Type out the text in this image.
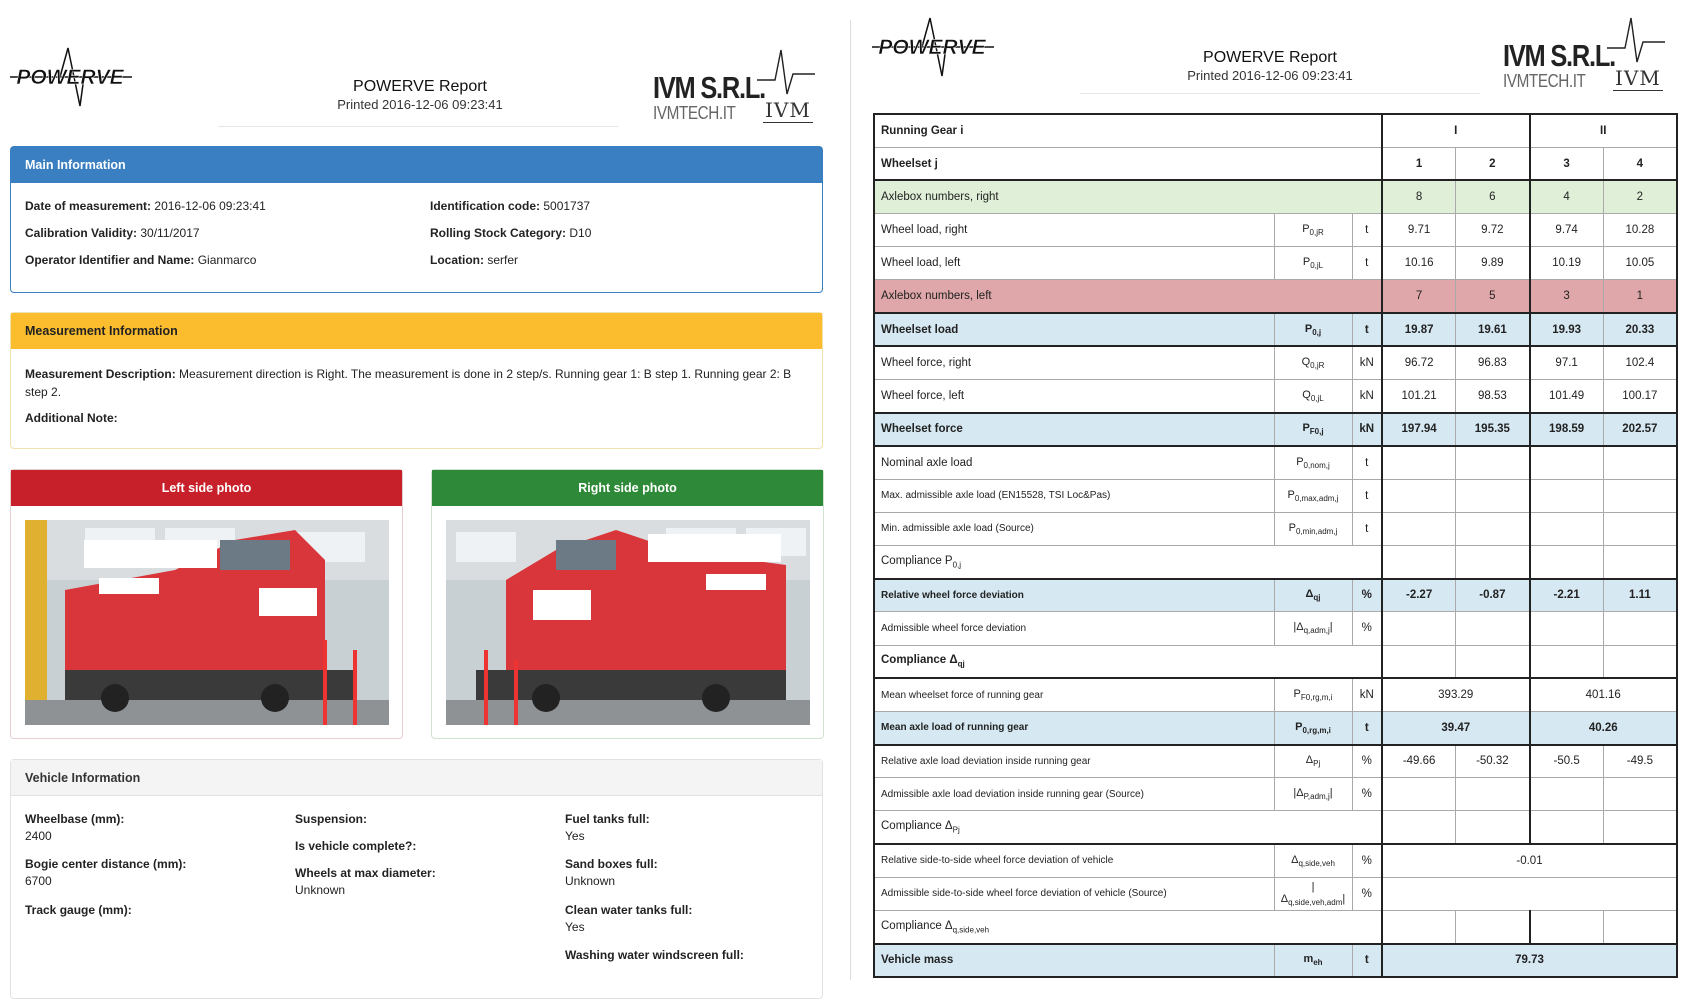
POWERVE	POWERVE Report
Printed 2016-12-06 09:23:41	IVM S.R.L.
IVMTECH.IT IVM
Main Information
Date of measurement: 2016-12-06 09:23:41
Calibration Validity: 30/11/2017
Operator Identifier and Name: Gianmarco
Identification code: 5001737
Rolling Stock Category: D10
Location: serfer
Measurement Information
Measurement Description: Measurement direction is Right. The measurement is done in 2 step/s. Running gear 1: B step 1. Running gear 2: B step 2.
Additional Note:
Left side photo	Right side photo
Vehicle Information
Wheelbase (mm):
2400
Bogie center distance (mm):
6700
Track gauge (mm):
Suspension:
Is vehicle complete?:
Wheels at max diameter:
Unknown
Fuel tanks full:
Yes
Sand boxes full:
Unknown
Clean water tanks full:
Yes
Washing water windscreen full:
POWERVE	POWERVE Report
Printed 2016-12-06 09:23:41
IVM S.R.L.
IVMTECH.IT IVM
Running Gear i			I		II	
Wheelset j			1	2	3	4
Axlebox numbers, right			8	6	4	2
Wheel load, right	$P_{0,jR}$	t	9.71	9.72	9.74	10.28
Wheel load, left	$P_{0,jL}$	t	10.16	9.89	10.19	10.05
Axlebox numbers, left			7	5	3	1
Wheelset load	$P_{0,j}$	t	19.87	19.61	19.93	20.33
Wheel force, right	$Q_{0,jR}$	kN	96.72	96.83	97.1	102.4
Wheel force, left	$Q_{0,jL}$	kN	101.21	98.53	101.49	100.17
Wheelset force	$P_{F0,j}$	kN	197.94	195.35	198.59	202.57
Nominal axle load	$P_{0,nom,j}$	t				
Max. admissible axle load (EN15528, TSI Loc&Pas)	$P_{0,max,adm,j}$	t				
Min. admissible axle load (Source)	$P_{0,min,adm,j}$	t				
Compliance $P_{0,j}$				
Relative wheel force deviation	$\Delta_{qj}$	%	-2.27	-0.87	-2.21	1.11
Admissible wheel force deviation	$|\Delta_{q,adm,j}|$	%				
Compliance $\Delta_{qj}$				
Mean wheelset force of running gear	$P_{F0,rg,m,i}$	kN	393.29		401.16	
Mean axle load of running gear	$P_{0,rg,m,i}$	t	39.47		40.26	
Relative axle load deviation inside running gear	$\Delta_{Pj}$	%	-49.66	-50.32	-50.5	-49.5
Admissible axle load deviation inside running gear (Source)	$|\Delta_{P,adm,j}|$	%				
Compliance $\Delta_{Pj}$				
Relative side-to-side wheel force deviation of vehicle	$\Delta_{q,side,veh}$	%	-0.01			
Admissible side-to-side wheel force deviation of vehicle (Source)	$|\Delta_{q,side,veh,adm}|$	%				
Compliance $\Delta_{q,side,veh}$				
Vehicle mass	$m_{eh}$	t	79.73			
